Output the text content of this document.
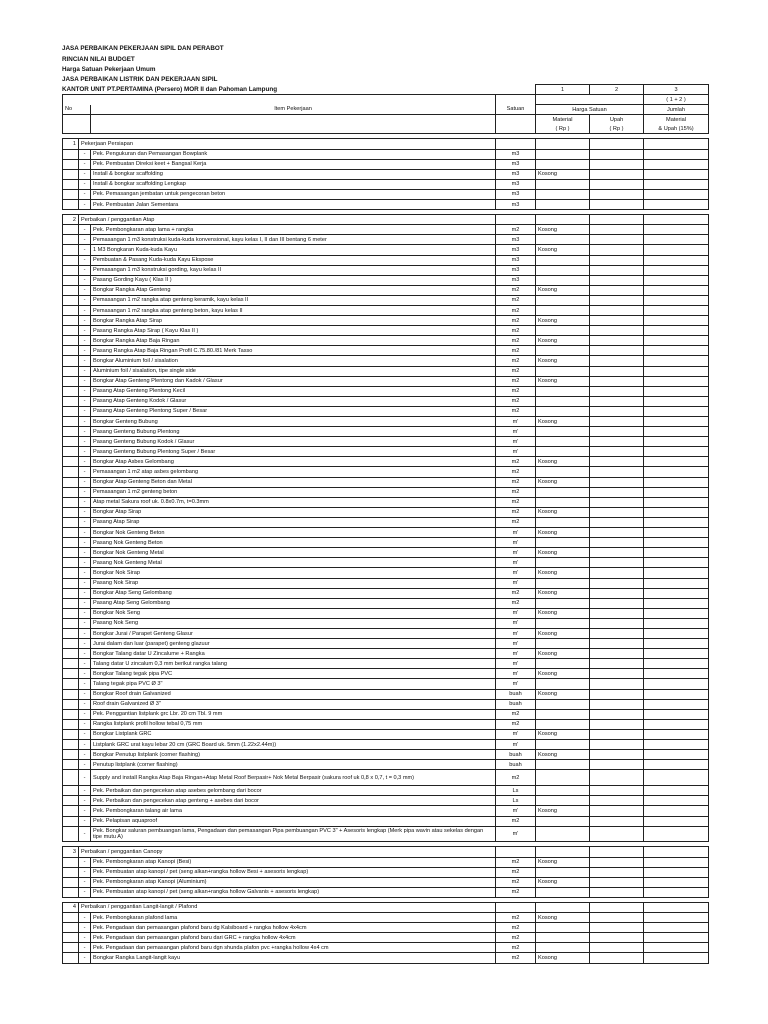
JASA PERBAIKAN PEKERJAAN SIPIL DAN PERABOT
RINCIAN NILAI BUDGET
Harga Satuan Pekerjaan Umum
JASA PERBAIKAN LISTRIK DAN PEKERJAAN SIPIL
KANTOR UNIT PT.PERTAMINA (Persero) MOR II dan Pahoman Lampung
					1	2	3
						( 1 + 2 )
No		Item Pekerjaan	Satuan	Harga Satuan		Jumlah
				Material	Upah	Material
				( Rp )	( Rp )	& Upah (15%)

1	Pekerjaan Persiapan					
	-	Pek. Pengukuran dan Pemasangan Bowplank	m3			
	-	Pek. Pembuatan Direksi keet + Bangsal Kerja	m3			
	-	Install & bongkar scaffolding	m3	Kosong		
	-	Install & bongkar scaffolding Lengkap	m3			
	-	Pek. Pemasangan jembatan untuk pengecoran beton	m3			
	-	Pek. Pembuatan Jalan Sementara	m3			

2	Perbaikan / penggantian Atap					
	-	Pek. Pembongkaran atap lama + rangka	m2	Kosong		
	-	Pemasangan 1 m3 konstruksi kuda-kuda konvensional, kayu kelas I, II dan III bentang 6 meter	m3			
	-	1 M3 Bongkaran Kuda-kuda Kayu	m3	Kosong		
	-	Pembuatan & Pasang Kuda-kuda Kayu Ekspose	m3			
	-	Pemasangan 1 m3 konstruksi gording, kayu kelas II	m3			
	-	Pasang Gording Kayu ( Klas II )	m3			
	-	Bongkar Rangka Atap Genteng	m2	Kosong		
	-	Pemasangan 1 m2 rangka atap genteng keramik, kayu kelas II	m2			
	-	Pemasangan 1 m2 rangka atap genteng beton, kayu kelas II	m2			
	-	Bongkar Rangka Atap Sirap	m2	Kosong		
	-	Pasang Rangka Atap Sirap ( Kayu Klas II )	m2			
	-	Bongkar Rangka Atap Baja Ringan	m2	Kosong		
	-	Pasang Rangka Atap Baja Ringan Profil C.75.80./81 Merk Tasso	m2			
	-	Bongkar Aluminium foil / sisalation	m2	Kosong		
	-	Aluminium foil / sisalation, tipe single side	m2			
	-	Bongkar Atap Genteng Plentong dan Kadok / Glasur	m2	Kosong		
	-	Pasang Atap Genteng Plentong Kecil	m2			
	-	Pasang Atap Genteng Kodok / Glasur	m2			
	-	Pasang Atap Genteng Plentong Super / Besar	m2			
	-	Bongkar Genteng Bubung	m'	Kosong		
	-	Pasang Genteng Bubung Plentong	m'			
	-	Pasang Genteng Bubung Kodok / Glasur	m'			
	-	Pasang Genteng Bubung Plentong Super / Besar	m'			
	-	Bongkar Atap Asbes Gelombang	m2	Kosong		
	-	Pemasangan 1 m2 atap asbes gelombang	m2			
	-	Bongkar Atap Genteng Beton dan Metal	m2	Kosong		
	-	Pemasangan 1 m2 genteng beton	m2			
	-	Atap metal Sakura roof uk. 0.8x0.7m, t=0.3mm	m2			
	-	Bongkar Atap Sirap	m2	Kosong		
	-	Pasang Atap Sirap	m2			
	-	Bongkar Nok Genteng Beton	m'	Kosong		
	-	Pasang Nok Genteng Beton	m'			
	-	Bongkar Nok Genteng Metal	m'	Kosong		
	-	Pasang Nok Genteng Metal	m'			
	-	Bongkar Nok Sirap	m'	Kosong		
	-	Pasang Nok Sirap	m'			
	-	Bongkar Atap Seng Gelombang	m2	Kosong		
	-	Pasang Atap Seng Gelombang	m2			
	-	Bongkar Nok Seng	m'	Kosong		
	-	Pasang Nok Seng	m'			
	-	Bongkar Jurai / Parapet Genteng Glasur	m'	Kosong		
	-	Jurai dalam dan luar (parapet) genteng glazuur	m'			
	-	Bongkar Talang datar U Zincalume + Rangka	m'	Kosong		
	-	Talang datar U zincalum 0,3 mm berikut rangka talang	m'			
	-	Bongkar Talang tegak pipa PVC	m'	Kosong		
	-	Talang tegak pipa PVC Ø 3"	m'			
	-	Bongkar Roof drain Galvanized	buah	Kosong		
	-	Roof drain Galvanized Ø 3"	buah			
	-	Pek. Penggantian listplank grc Lbr. 20 cm Tbl. 9 mm	m2			
	-	Rangka listplank profil hollow tebal 0,75 mm	m2			
	-	Bongkar Listplank GRC	m'	Kosong		
	-	Listplank GRC urat kayu lebar 20 cm (GRC Board uk. 5mm (1.22x2.44m))	m'			
	-	Bongkar Penutup listplank (corner flashing)	buah	Kosong		
	-	Penutup listplank (corner flashing)	buah			
	-	Supply and install Rangka Atap Baja Ringan+Atap Metal Roof Berpasir+ Nok Metal Berpasir (sakura roof uk 0,8 x 0,7, t = 0,3 mm)	m2			
	-	Pek. Perbaikan dan pengecekan atap asebes gelombang dari bocor	Ls			
	-	Pek. Perbaikan dan pengecekan atap genteng + asebes dari bocor	Ls			
	-	Pek. Pembongkaran talang air lama	m'	Kosong		
	-	Pek. Pelapisan aquaproof	m2			
	-	Pek. Bongkar saluran pembuangan lama, Pengadaan dan pemasangan Pipa pembuangan PVC 3" + Asesoris lengkap (Merk pipa wavin atau sekelas dengan tipe mutu A)	m'			

3	Perbaikan / penggantian Canopy					
	-	Pek. Pembongkaran atap Kanopi (Besi)	m2	Kosong		
	-	Pek. Pembuatan atap kanopi / pet (seng alkan+rangka hollow Besi + asesoris lengkap)	m2			
	-	Pek. Pembongkaran atap Kanopi (Aluminium)	m2	Kosong		
	-	Pek. Pembuatan atap kanopi / pet (seng alkan+rangka hollow Galvanis + asesoris lengkap)	m2			

4	Perbaikan / penggantian Langit-langit / Plafond					
	-	Pek. Pembongkaran plafond lama	m2	Kosong		
	-	Pek. Pengadaan dan pemasangan plafond baru dg Kalsiboard + rangka hollow 4x4cm	m2			
	-	Pek. Pengadaan dan pemasangan plafond baru dari GRC + rangka hollow 4x4cm	m2			
	-	Pek. Pengadaan dan pemasangan plafond baru dgn shunda plafon pvc +rangka hollow 4x4 cm	m2			
	-	Bongkar Rangka Langit-langit kayu	m2	Kosong		
